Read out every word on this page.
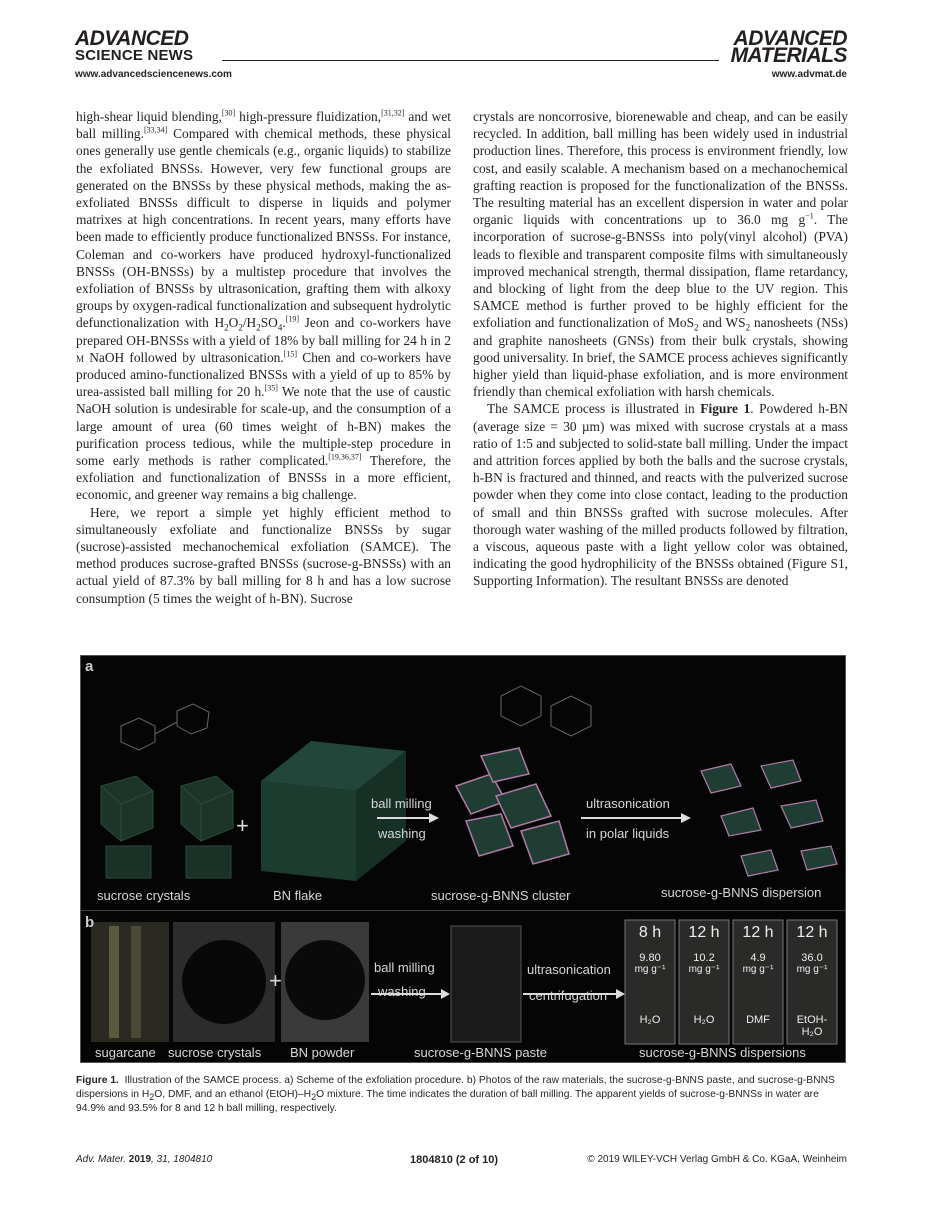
ADVANCED
SCIENCE NEWS
ADVANCED
MATERIALS
www.advancedsciencenews.com	www.advmat.de

high-shear liquid blending,[30] high-pressure fluidization,[31,32] and wet ball milling.[33,34] Compared with chemical methods, these physical ones generally use gentle chemicals (e.g., organic liquids) to stabilize the exfoliated BNSSs. However, very few functional groups are generated on the BNSSs by these physical methods, making the as-exfoliated BNSSs difficult to disperse in liquids and polymer matrixes at high concentrations. In recent years, many efforts have been made to efficiently produce functionalized BNSSs. For instance, Coleman and co-workers have produced hydroxyl-functionalized BNSSs (OH-BNSSs) by a multistep procedure that involves the exfoliation of BNSSs by ultrasonication, grafting them with alkoxy groups by oxygen-radical functionalization and subsequent hydrolytic defunctionalization with $H_2O_2/H_2SO_4.[19]$ Jeon and co-workers have prepared OH-BNSSs with a yield of 18% by ball milling for 24 h in 2 m NaOH followed by ultrasonication.[15] Chen and co-workers have produced amino-functionalized BNSSs with a yield of up to 85% by urea-assisted ball milling for 20 h.[35] We note that the use of caustic NaOH solution is undesirable for scale-up, and the consumption of a large amount of urea (60 times weight of h-BN) makes the purification process tedious, while the multiple-step procedure in some early methods is rather complicated.[19,36,37] Therefore, the exfoliation and functionalization of BNSSs in a more efficient, economic, and greener way remains a big challenge.

Here, we report a simple yet highly efficient method to simultaneously exfoliate and functionalize BNSSs by sugar (sucrose)-assisted mechanochemical exfoliation (SAMCE). The method produces sucrose-grafted BNSSs (sucrose-g-BNSSs) with an actual yield of 87.3% by ball milling for 8 h and has a low sucrose consumption (5 times the weight of h-BN). Sucrose

crystals are noncorrosive, biorenewable and cheap, and can be easily recycled. In addition, ball milling has been widely used in industrial production lines. Therefore, this process is environment friendly, low cost, and easily scalable. A mechanism based on a mechanochemical grafting reaction is proposed for the functionalization of the BNSSs. The resulting material has an excellent dispersion in water and polar organic liquids with concentrations up to 36.0 mg $g^{-1}$. The incorporation of sucrose-g-BNSSs into poly(vinyl alcohol) (PVA) leads to flexible and transparent composite films with simultaneously improved mechanical strength, thermal dissipation, flame retardancy, and blocking of light from the deep blue to the UV region. This SAMCE method is further proved to be highly efficient for the exfoliation and functionalization of MoS$_2$ and $WS_2$ nanosheets (NSs) and graphite nanosheets (GNSs) from their bulk crystals, showing good universality. In brief, the SAMCE process achieves significantly higher yield than liquid-phase exfoliation, and is more environment friendly than chemical exfoliation with harsh chemicals.

The SAMCE process is illustrated in Figure 1. Powdered h-BN (average size = 30 µm) was mixed with sucrose crystals at a mass ratio of 1:5 and subjected to solid-state ball milling. Under the impact and attrition forces applied by both the balls and the sucrose crystals, h-BN is fractured and thinned, and reacts with the pulverized sucrose powder when they come into close contact, leading to the production of small and thin BNSSs grafted with sucrose molecules. After thorough water washing of the milled products followed by filtration, a viscous, aqueous paste with a light yellow color was obtained, indicating the good hydrophilicity of the BNSSs obtained (Figure S1, Supporting Information). The resultant BNSSs are denoted

+
a
ball milling
washing
ultrasonication
in polar liquids
sucrose crystals	BN flake	sucrose-g-BNNS cluster	sucrose-g-BNNS dispersion
b
+
ball milling
washing
ultrasonication
centrifugation
sugarcane sucrose crystals BN powder	sucrose-g-BNNS paste	sucrose-g-BNNS dispersions
8 h
9.80
mg g⁻¹
H₂O
12 h
10.2
mg g⁻¹
H₂O
12 h
4.9
mg g⁻¹
DMF
12 h
36.0
mg g⁻¹
EtOH-H₂O
Figure 1.  Illustration of the SAMCE process. a) Scheme of the exfoliation procedure. b) Photos of the raw materials, the sucrose-g-BNNS paste, and sucrose-g-BNNS dispersions in $H_2O$, DMF, and an ethanol $(EtOH)-H_2O$ mixture. The time indicates the duration of ball milling. The apparent yields of sucrose-g-BNNSs in water are 94.9% and 93.5% for 8 and 12 h ball milling, respectively.
Adv. Mater. 2019, 31, 1804810	1804810 (2 of 10)	© 2019 WILEY-VCH Verlag GmbH & Co. KGaA, Weinheim
